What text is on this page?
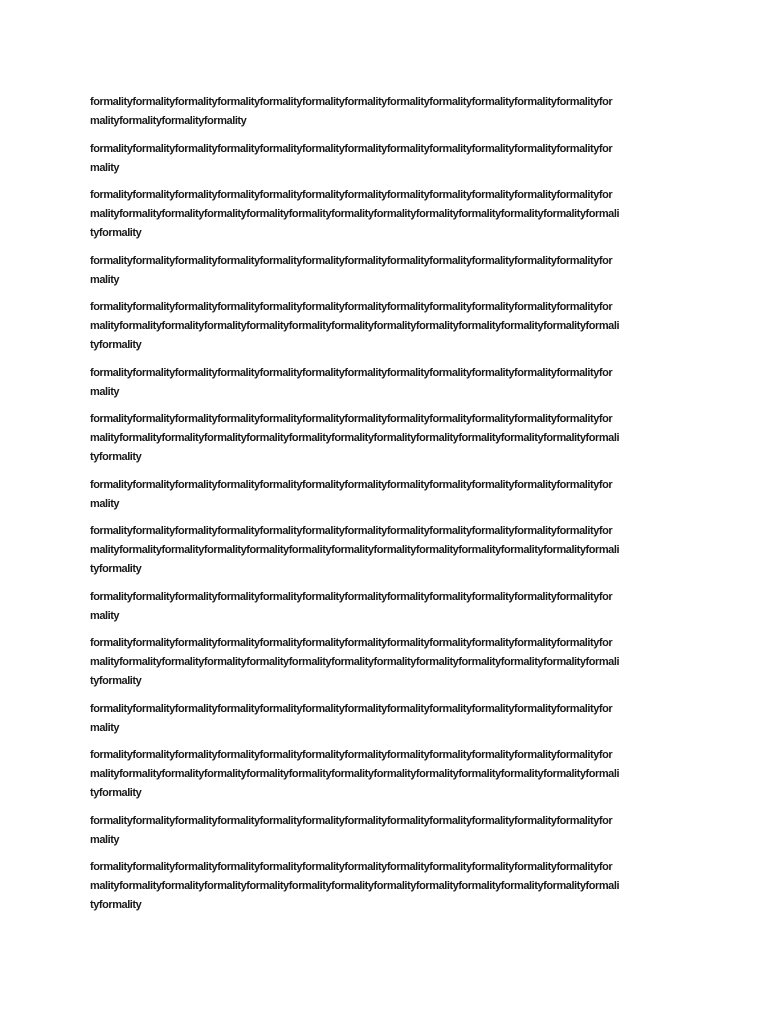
formalityformalityformalityformalityformalityformalityformalityformalityformalityformalityformalityformalityfor
malityformalityformalityformality

formalityformalityformalityformalityformalityformalityformalityformalityformalityformalityformalityformalityfor
mality

formalityformalityformalityformalityformalityformalityformalityformalityformalityformalityformalityformalityfor
malityformalityformalityformalityformalityformalityformalityformalityformalityformalityformalityformalityformali
tyformality

formalityformalityformalityformalityformalityformalityformalityformalityformalityformalityformalityformalityfor
mality

formalityformalityformalityformalityformalityformalityformalityformalityformalityformalityformalityformalityfor
malityformalityformalityformalityformalityformalityformalityformalityformalityformalityformalityformalityformali
tyformality

formalityformalityformalityformalityformalityformalityformalityformalityformalityformalityformalityformalityfor
mality

formalityformalityformalityformalityformalityformalityformalityformalityformalityformalityformalityformalityfor
malityformalityformalityformalityformalityformalityformalityformalityformalityformalityformalityformalityformali
tyformality

formalityformalityformalityformalityformalityformalityformalityformalityformalityformalityformalityformalityfor
mality

formalityformalityformalityformalityformalityformalityformalityformalityformalityformalityformalityformalityfor
malityformalityformalityformalityformalityformalityformalityformalityformalityformalityformalityformalityformali
tyformality

formalityformalityformalityformalityformalityformalityformalityformalityformalityformalityformalityformalityfor
mality

formalityformalityformalityformalityformalityformalityformalityformalityformalityformalityformalityformalityfor
malityformalityformalityformalityformalityformalityformalityformalityformalityformalityformalityformalityformali
tyformality

formalityformalityformalityformalityformalityformalityformalityformalityformalityformalityformalityformalityfor
mality

formalityformalityformalityformalityformalityformalityformalityformalityformalityformalityformalityformalityfor
malityformalityformalityformalityformalityformalityformalityformalityformalityformalityformalityformalityformali
tyformality

formalityformalityformalityformalityformalityformalityformalityformalityformalityformalityformalityformalityfor
mality

formalityformalityformalityformalityformalityformalityformalityformalityformalityformalityformalityformalityfor
malityformalityformalityformalityformalityformalityformalityformalityformalityformalityformalityformalityformali
tyformality
